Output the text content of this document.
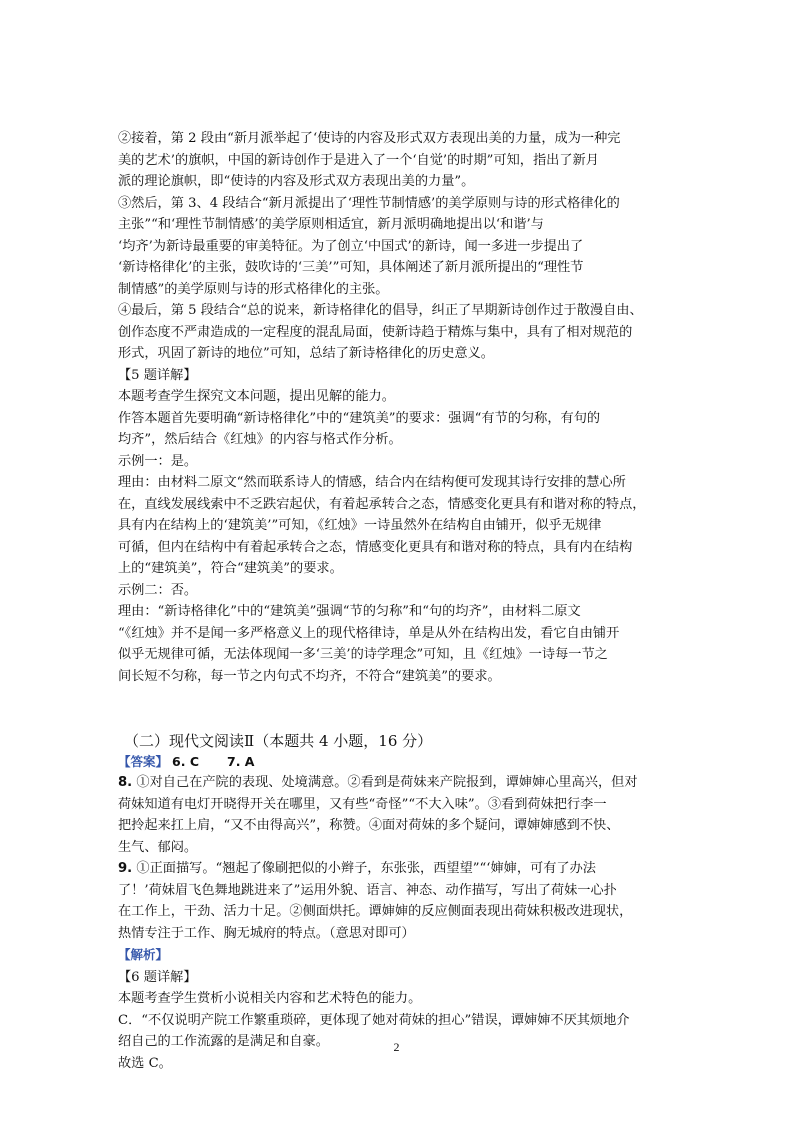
②接着，第 2 段由“新月派举起了‘使诗的内容及形式双方表现出美的力量，成为一种完

美的艺术’的旗帜，中国的新诗创作于是进入了一个‘自觉’的时期”可知，指出了新月

派的理论旗帜，即“使诗的内容及形式双方表现出美的力量”。

③然后，第 3、4 段结合“新月派提出了‘理性节制情感’的美学原则与诗的形式格律化的

主张”“和‘理性节制情感’的美学原则相适宜，新月派明确地提出以‘和谐’与

‘均齐’为新诗最重要的审美特征。为了创立‘中国式’的新诗，闻一多进一步提出了

‘新诗格律化’的主张，鼓吹诗的‘三美’”可知，具体阐述了新月派所提出的“理性节

制情感”的美学原则与诗的形式格律化的主张。

④最后，第 5 段结合“总的说来，新诗格律化的倡导，纠正了早期新诗创作过于散漫自由、

创作态度不严肃造成的一定程度的混乱局面，使新诗趋于精炼与集中，具有了相对规范的

形式，巩固了新诗的地位”可知，总结了新诗格律化的历史意义。

【5 题详解】

本题考查学生探究文本问题，提出见解的能力。

作答本题首先要明确“新诗格律化”中的“建筑美”的要求：强调“有节的匀称，有句的

均齐”，然后结合《红烛》的内容与格式作分析。

示例一：是。

理由：由材料二原文“然而联系诗人的情感，结合内在结构便可发现其诗行安排的慧心所

在，直线发展线索中不乏跌宕起伏，有着起承转合之态，情感变化更具有和谐对称的特点，

具有内在结构上的‘建筑美’”可知，《红烛》一诗虽然外在结构自由铺开，似乎无规律

可循，但内在结构中有着起承转合之态，情感变化更具有和谐对称的特点，具有内在结构

上的“建筑美”，符合“建筑美”的要求。

示例二：否。

理由：“新诗格律化”中的“建筑美”强调“节的匀称”和“句的均齐”，由材料二原文

“《红烛》并不是闻一多严格意义上的现代格律诗，单是从外在结构出发，看它自由铺开

似乎无规律可循，无法体现闻一多‘三美’的诗学理念”可知，且《红烛》一诗每一节之

间长短不匀称，每一节之内句式不均齐，不符合“建筑美”的要求。

（二）现代文阅读Ⅱ（本题共 4 小题，16 分）

【答案】 6. C 7. A

8. ①对自己在产院的表现、处境满意。②看到是荷妹来产院报到，谭婶婶心里高兴，但对

荷妹知道有电灯开晓得开关在哪里，又有些“奇怪”“不大入味”。③看到荷妹把行李一

把拎起来扛上肩，“又不由得高兴”，称赞。④面对荷妹的多个疑问，谭婶婶感到不快、

生气、郁闷。

9. ①正面描写。“翘起了像刷把似的小辫子，东张张，西望望”“‘婶婶，可有了办法

了！’荷妹眉飞色舞地跳进来了”运用外貌、语言、神态、动作描写，写出了荷妹一心扑

在工作上，干劲、活力十足。②侧面烘托。谭婶婶的反应侧面表现出荷妹积极改进现状，

热情专注于工作、胸无城府的特点。（意思对即可）

【解析】

【6 题详解】

本题考查学生赏析小说相关内容和艺术特色的能力。

C．“不仅说明产院工作繁重琐碎，更体现了她对荷妹的担心”错误，谭婶婶不厌其烦地介

绍自己的工作流露的是满足和自豪。

故选 C。

2
